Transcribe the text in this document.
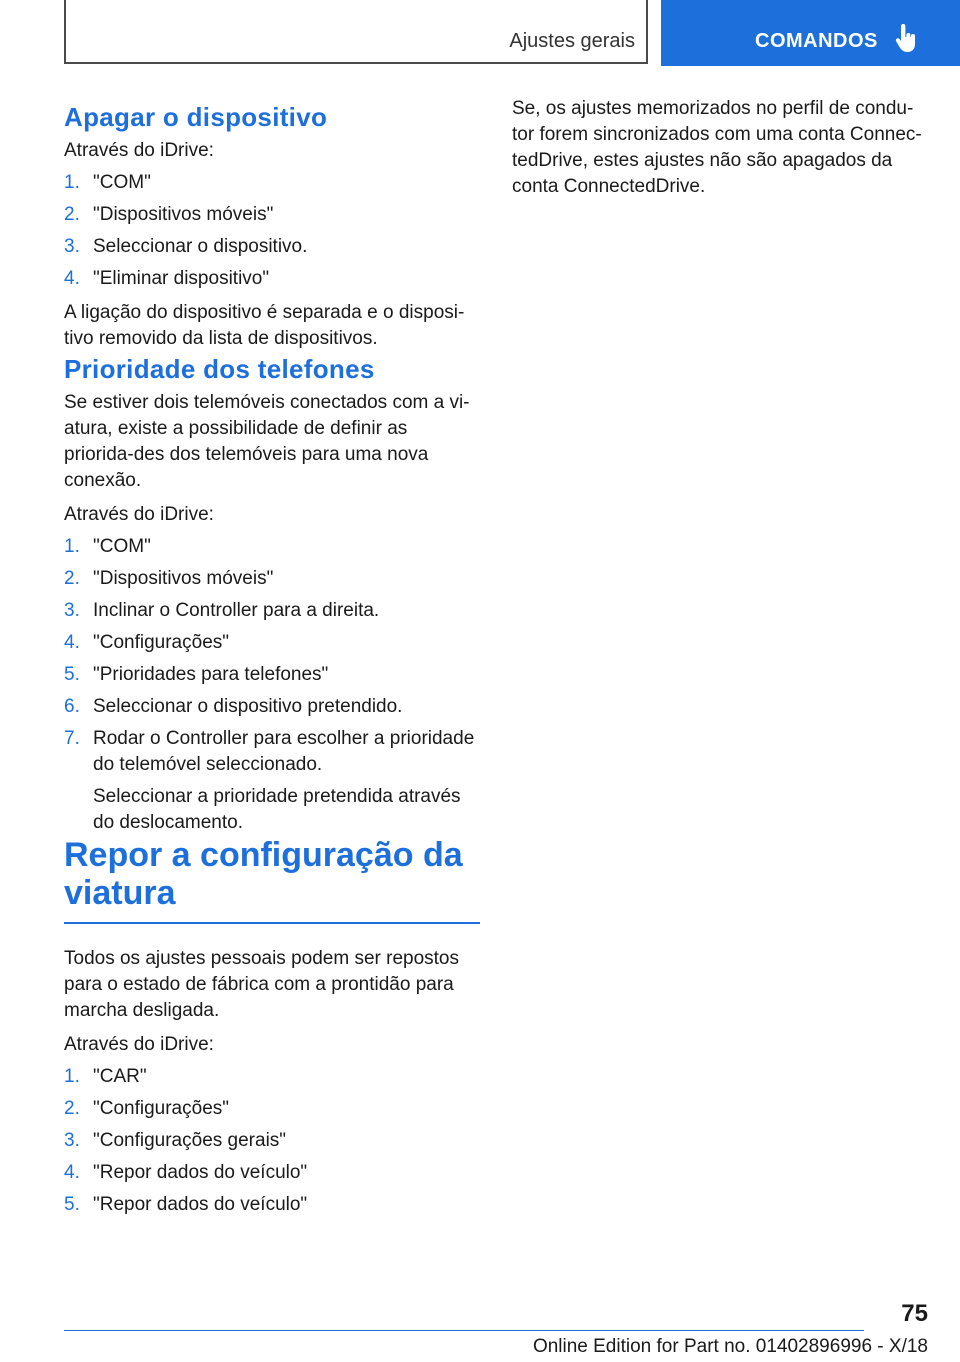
Ajustes gerais	COMANDOS
Apagar o dispositivo

Através do iDrive:

1. "COM"
2. "Dispositivos móveis"
3. Seleccionar o dispositivo.
4. "Eliminar dispositivo"

A ligação do dispositivo é separada e o disposi-tivo removido da lista de dispositivos.

Prioridade dos telefones

Se estiver dois telemóveis conectados com a vi-atura, existe a possibilidade de definir as priorida-des dos telemóveis para uma nova conexão.

Através do iDrive:

1. "COM"
2. "Dispositivos móveis"
3. Inclinar o Controller para a direita.
4. "Configurações"
5. "Prioridades para telefones"
6. Seleccionar o dispositivo pretendido.
7. Rodar o Controller para escolher a prioridade do telemóvel seleccionado.
Seleccionar a prioridade pretendida através do deslocamento.
Repor a configuração da viatura

Todos os ajustes pessoais podem ser repostos para o estado de fábrica com a prontidão para marcha desligada.

Através do iDrive:

1. "CAR"
2. "Configurações"
3. "Configurações gerais"
4. "Repor dados do veículo"
5. "Repor dados do veículo"

Se, os ajustes memorizados no perfil de condu-tor forem sincronizados com uma conta Connec-tedDrive, estes ajustes não são apagados da conta ConnectedDrive.

75
Online Edition for Part no. 01402896996 - X/18
